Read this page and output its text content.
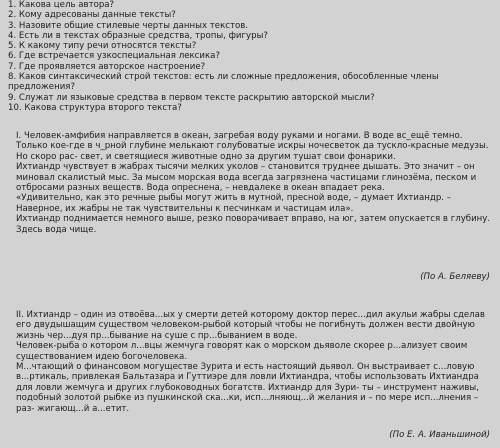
1. Какова цель автора?
2. Кому адресованы данные тексты?
3. Назовите общие стилевые черты данных текстов.
4. Есть ли в текстах образные средства, тропы, фигуры?
5. К какому типу речи относятся тексты?
6. Где встречается узкоспециальная лексика?
7. Где проявляется авторское настроение?
8. Каков синтаксический строй текстов: есть ли сложные предложения, обособленные члены предложения?
9. Служат ли языковые средства в первом тексте раскрытию авторской мысли?
10. Какова структура второго текста?

I. Человек-амфибия направляется в океан, загребая воду руками и ногами. В воде вс_ещё темно. Только кое-где в ч_рной глубине мелькают голубоватые искры ночесветок да тускло-красные медузы. Но скоро рас- свет, и светящиеся животные одно за другим тушат свои фонарики.

Ихтиандр чувствует в жабрах тысячи мелких уколов – становится труднее дышать. Это значит – он миновал скалистый мыс. За мысом морская вода всегда загрязнена частицами глинозёма, песком и отбросами разных веществ. Вода опреснена, – невдалеке в океан впадает река.

«Удивительно, как это речные рыбы могут жить в мутной, пресной воде, – думает Ихтиандр. – Наверное, их жабры не так чувствительны к песчинкам и частицам ила».

Ихтиандр поднимается немного выше, резко поворачивает вправо, на юг, затем опускается в глубину. Здесь вода чище.

(По А. Беляеву)

II. Ихтиандр – один из отвоёва...ых у смерти детей которому доктор перес...дил акульи жабры сделав его двудышащим существом человеком-рыбой который чтобы не погибнуть должен вести двойную жизнь чер...дуя пр...бывание на суше с пр...быванием в воде.

Человек-рыба о котором л...вцы жемчуга говорят как о морском дьяволе скорее р...ализует своим существованием идею богочеловека.

М...чтающий о финансовом могуществе Зурита и есть настоящий дьявол. Он выстраивает с...ловую в...ртикаль, привлекая Бальтазара и Гуттиэре для ловли Ихтиандра, чтобы использовать Ихтиандра для ловли жемчуга и других глубоководных богатств. Ихтиандр для Зури- ты – инструмент наживы, подобный золотой рыбке из пушкинской ска...ки, исп...лняющ...й желания и – по мере исп...лнения – раз- жигающ...й а...етит.

(По Е. А. Иваньшиной)
